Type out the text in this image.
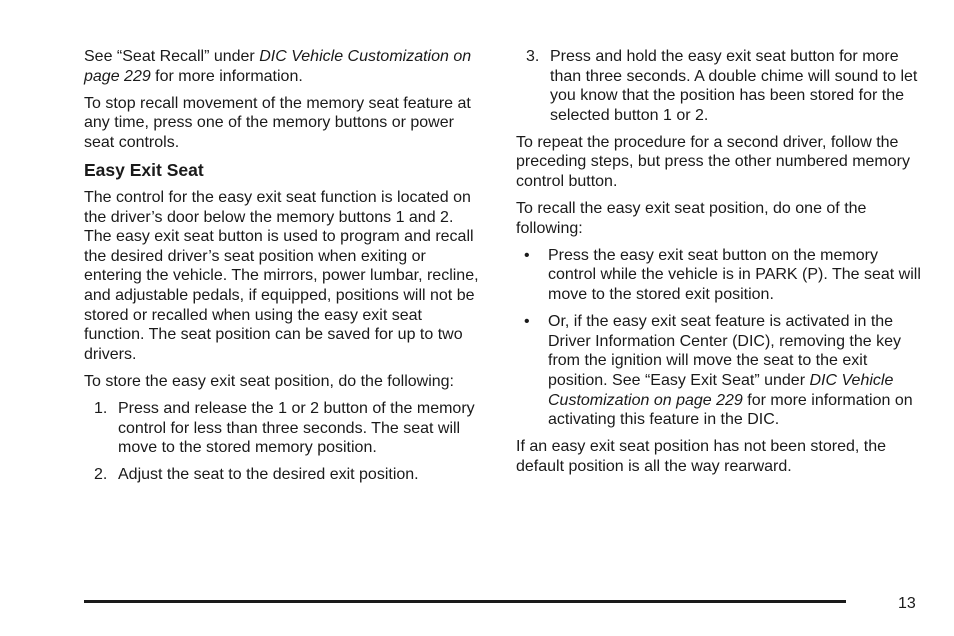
See “Seat Recall” under DIC Vehicle Customization on page 229 for more information.

To stop recall movement of the memory seat feature at any time, press one of the memory buttons or power seat controls.

Easy Exit Seat

The control for the easy exit seat function is located on the driver’s door below the memory buttons 1 and 2. The easy exit seat button is used to program and recall the desired driver’s seat position when exiting or entering the vehicle. The mirrors, power lumbar, recline, and adjustable pedals, if equipped, positions will not be stored or recalled when using the easy exit seat function. The seat position can be saved for up to two drivers.

To store the easy exit seat position, do the following:

1. Press and release the 1 or 2 button of the memory control for less than three seconds. The seat will move to the stored memory position.
2. Adjust the seat to the desired exit position.
3. Press and hold the easy exit seat button for more than three seconds. A double chime will sound to let you know that the position has been stored for the selected button 1 or 2.

To repeat the procedure for a second driver, follow the preceding steps, but press the other numbered memory control button.

To recall the easy exit seat position, do one of the following:

• Press the easy exit seat button on the memory control while the vehicle is in PARK (P). The seat will move to the stored exit position.
• Or, if the easy exit seat feature is activated in the Driver Information Center (DIC), removing the key from the ignition will move the seat to the exit position. See “Easy Exit Seat” under DIC Vehicle Customization on page 229 for more information on activating this feature in the DIC.

If an easy exit seat position has not been stored, the default position is all the way rearward.

13
